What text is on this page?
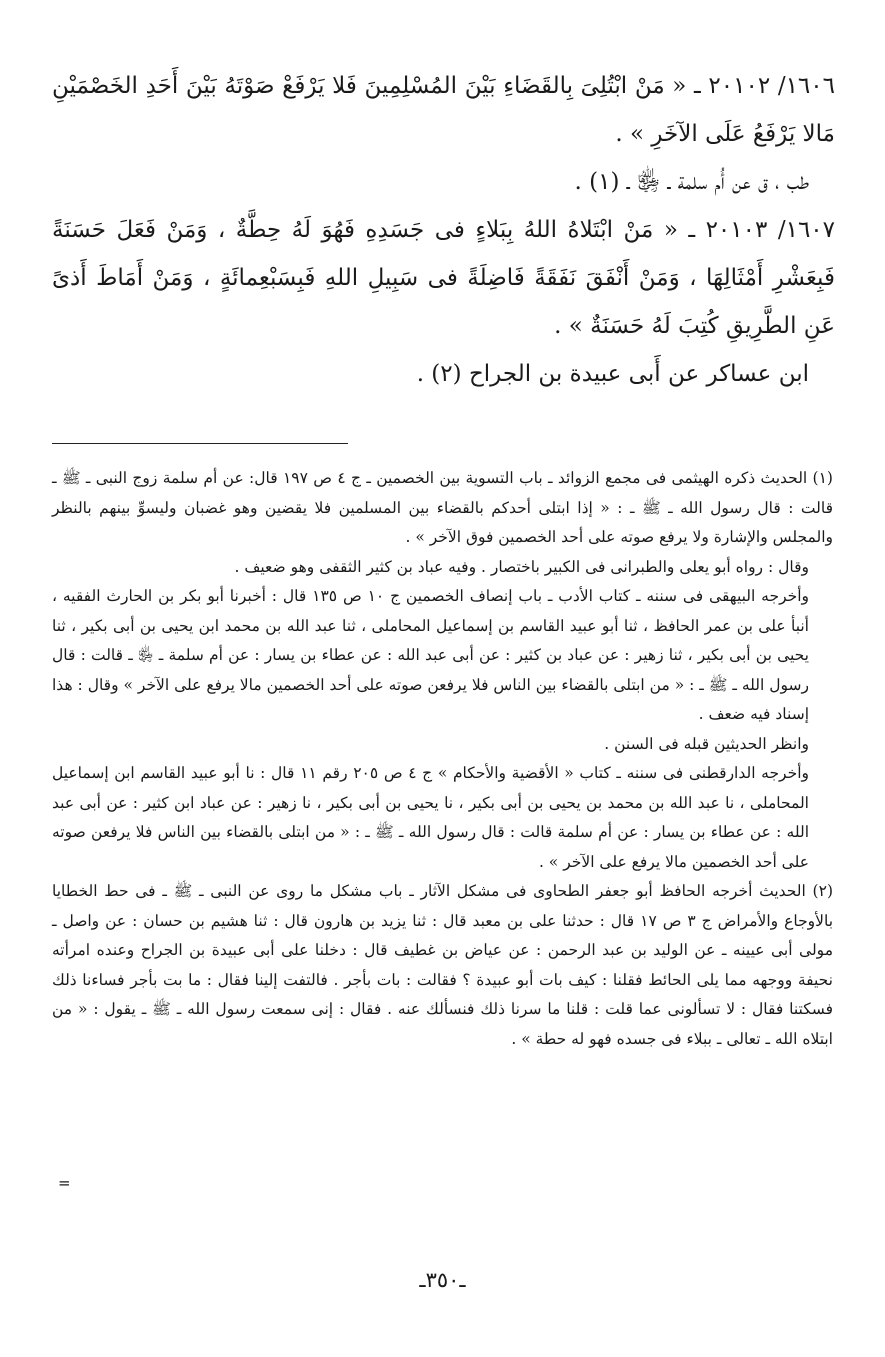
١٦٠٦/ ٢٠١٠٢ ـ « مَنْ ابْتُلِىَ بِالقَضَاءِ بَيْنَ المُسْلِمِينَ فَلا يَرْفَعْ صَوْتَهُ بَيْنَ أَحَدِ الخَصْمَيْنِ مَالا يَرْفَعُ عَلَى الآخَرِ » .

طب ، ق عن أُم سلمة ـ ﵂ ـ (١) .

١٦٠٧/ ٢٠١٠٣ ـ « مَنْ ابْتَلاهُ اللهُ بِبَلاءٍ فى جَسَدِهِ فَهُوَ لَهُ حِطَّةٌ ، وَمَنْ فَعَلَ حَسَنَةً فَبِعَشْرِ أَمْثَالِهَا ، وَمَنْ أَنْفَقَ نَفَقَةً فَاضِلَةً فى سَبِيلِ اللهِ فَبِسَبْعِمائَةٍ ، وَمَنْ أَمَاطَ أَذىً عَنِ الطَّرِيقِ كُتِبَ لَهُ حَسَنَةٌ » .

ابن عساكر عن أَبى عبيدة بن الجراح (٢) .

(١) الحديث ذكره الهيثمى فى مجمع الزوائد ـ باب التسوية بين الخصمين ـ ج ٤ ص ١٩٧ قال: عن أم سلمة زوج النبى ـ ﷺ ـ قالت : قال رسول الله ـ ﷺ ـ : « إذا ابتلى أحدكم بالقضاء بين المسلمين فلا يقضين وهو غضبان وليسوِّ بينهم بالنظر والمجلس والإشارة ولا يرفع صوته على أحد الخصمين فوق الآخر » .

وقال : رواه أبو يعلى والطبرانى فى الكبير باختصار . وفيه عباد بن كثير الثقفى وهو ضعيف .

وأخرجه البيهقى فى سننه ـ كتاب الأدب ـ باب إنصاف الخصمين ج ١٠ ص ١٣٥ قال : أخبرنا أبو بكر بن الحارث الفقيه ، أنبأ على بن عمر الحافظ ، ثنا أبو عبيد القاسم بن إسماعيل المحاملى ، ثنا عبد الله بن محمد ابن يحيى بن أبى بكير ، ثنا يحيى بن أبى بكير ، ثنا زهير : عن عباد بن كثير : عن أبى عبد الله : عن عطاء بن يسار : عن أم سلمة ـ ﵂ ـ قالت : قال رسول الله ـ ﷺ ـ : « من ابتلى بالقضاء بين الناس فلا يرفعن صوته على أحد الخصمين مالا يرفع على الآخر » وقال : هذا إسناد فيه ضعف .

وانظر الحديثين قبله فى السنن .

وأخرجه الدارقطنى فى سننه ـ كتاب « الأقضية والأحكام » ج ٤ ص ٢٠٥ رقم ١١ قال : نا أبو عبيد القاسم ابن إسماعيل المحاملى ، نا عبد الله بن محمد بن يحيى بن أبى بكير ، نا يحيى بن أبى بكير ، نا زهير : عن عباد ابن كثير : عن أبى عبد الله : عن عطاء بن يسار : عن أم سلمة قالت : قال رسول الله ـ ﷺ ـ : « من ابتلى بالقضاء بين الناس فلا يرفعن صوته على أحد الخصمين مالا يرفع على الآخر » .

(٢) الحديث أخرجه الحافظ أبو جعفر الطحاوى فى مشكل الآثار ـ باب مشكل ما روى عن النبى ـ ﷺ ـ فى حط الخطايا بالأوجاع والأمراض ج ٣ ص ١٧ قال : حدثنا على بن معبد قال : ثنا يزيد بن هارون قال : ثنا هشيم بن حسان : عن واصل ـ مولى أبى عيينه ـ عن الوليد بن عبد الرحمن : عن عياض بن غطيف قال : دخلنا على أبى عبيدة بن الجراح وعنده امرأته نحيفة ووجهه مما يلى الحائط فقلنا : كيف بات أبو عبيدة ؟ فقالت : بات بأجر . فالتفت إلينا فقال : ما بت بأجر فساءنا ذلك فسكتنا فقال : لا تسألونى عما قلت : قلنا ما سرنا ذلك فنسألك عنه . فقال : إنى سمعت رسول الله ـ ﷺ ـ يقول : « من ابتلاه الله ـ تعالى ـ ببلاء فى جسده فهو له حطة » .

=
ـ٣٥٠ـ
